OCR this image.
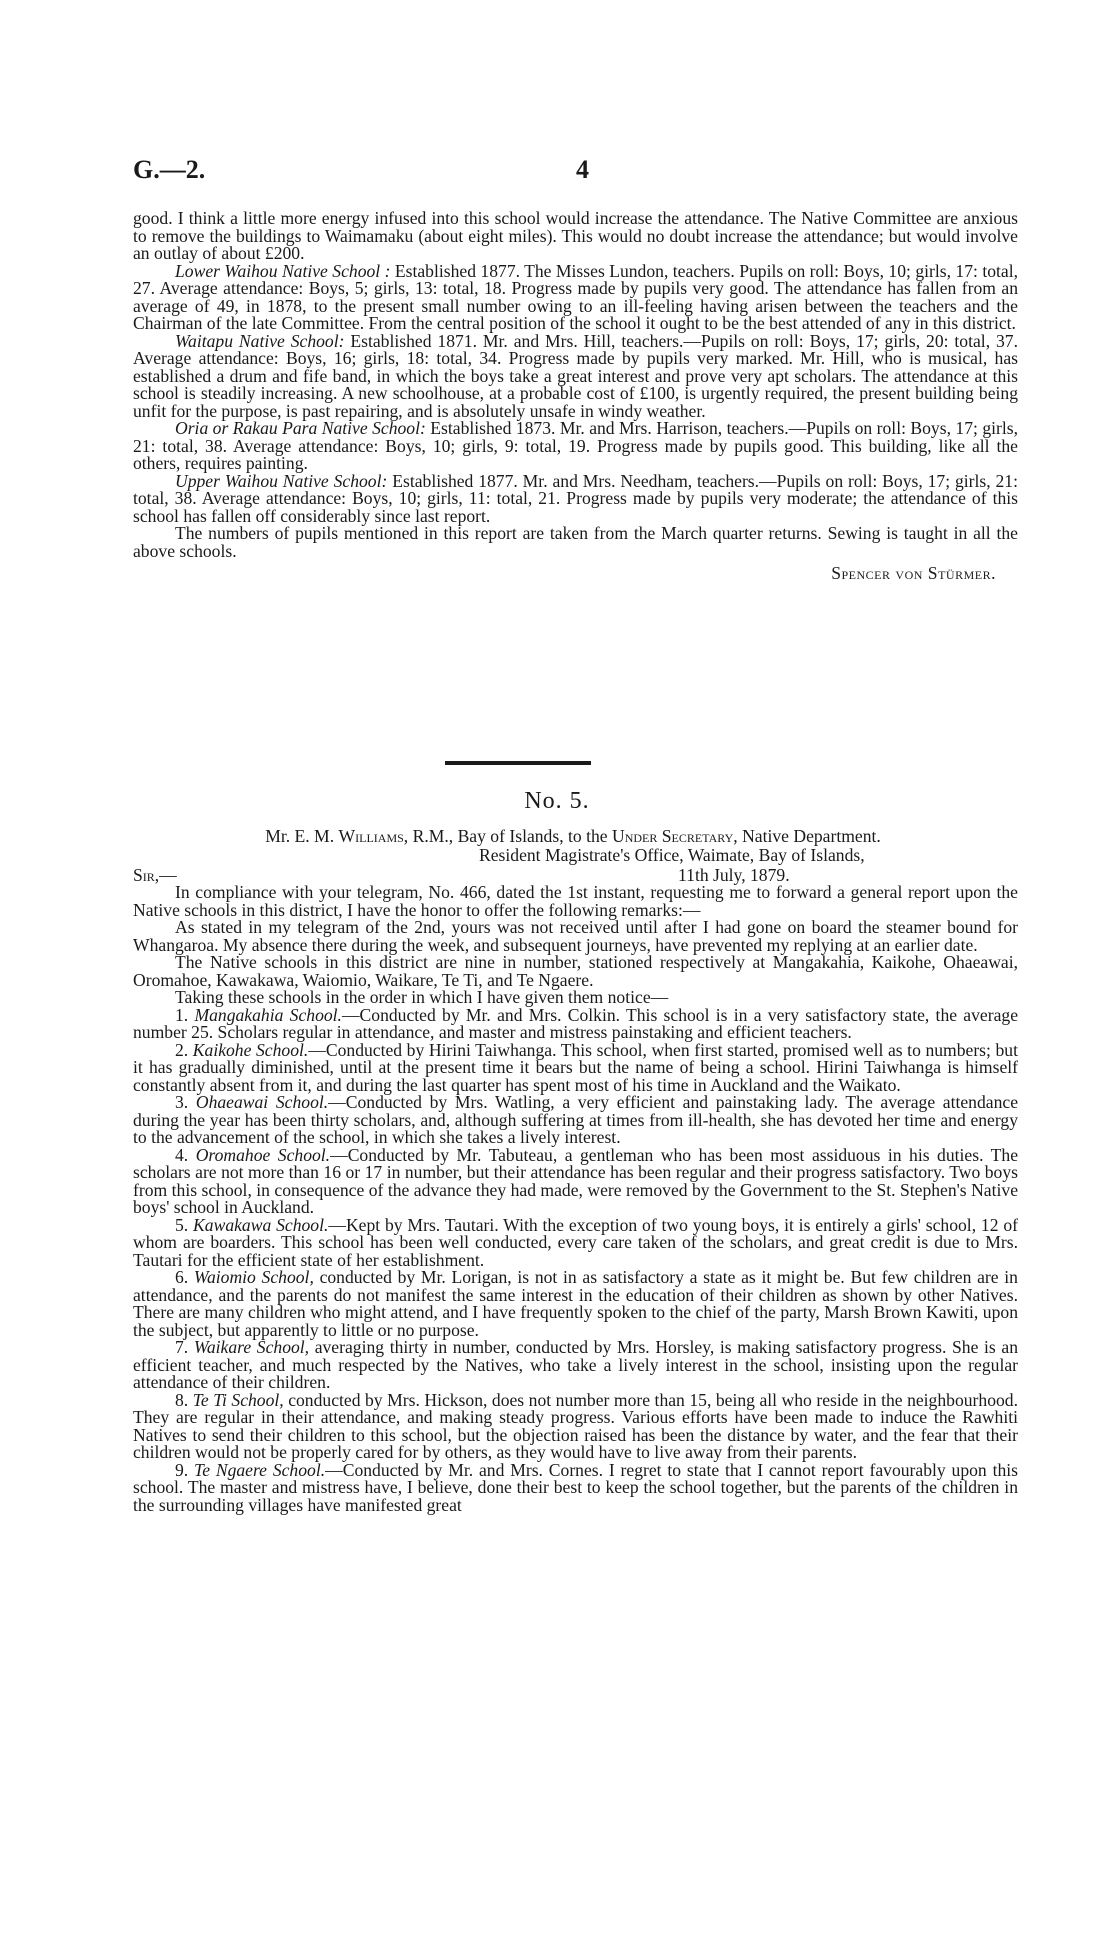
G.—2.	4

good. I think a little more energy infused into this school would increase the attendance. The Native Committee are anxious to remove the buildings to Waimamaku (about eight miles). This would no doubt increase the attendance; but would involve an outlay of about £200.

Lower Waihou Native School : Established 1877. The Misses Lundon, teachers. Pupils on roll: Boys, 10; girls, 17: total, 27. Average attendance: Boys, 5; girls, 13: total, 18. Progress made by pupils very good. The attendance has fallen from an average of 49, in 1878, to the present small number owing to an ill-feeling having arisen between the teachers and the Chairman of the late Committee. From the central position of the school it ought to be the best attended of any in this district.

Waitapu Native School: Established 1871. Mr. and Mrs. Hill, teachers.—Pupils on roll: Boys, 17; girls, 20: total, 37. Average attendance: Boys, 16; girls, 18: total, 34. Progress made by pupils very marked. Mr. Hill, who is musical, has established a drum and fife band, in which the boys take a great interest and prove very apt scholars. The attendance at this school is steadily increasing. A new schoolhouse, at a probable cost of £100, is urgently required, the present building being unfit for the purpose, is past repairing, and is absolutely unsafe in windy weather.

Oria or Rakau Para Native School: Established 1873. Mr. and Mrs. Harrison, teachers.—Pupils on roll: Boys, 17; girls, 21: total, 38. Average attendance: Boys, 10; girls, 9: total, 19. Progress made by pupils good. This building, like all the others, requires painting.

Upper Waihou Native School: Established 1877. Mr. and Mrs. Needham, teachers.—Pupils on roll: Boys, 17; girls, 21: total, 38. Average attendance: Boys, 10; girls, 11: total, 21. Progress made by pupils very moderate; the attendance of this school has fallen off considerably since last report.

The numbers of pupils mentioned in this report are taken from the March quarter returns. Sewing is taught in all the above schools.

Spencer von Stürmer.

No. 5.
Mr. E. M. Williams, R.M., Bay of Islands, to the Under Secretary, Native Department.
Resident Magistrate's Office, Waimate, Bay of Islands,
Sir,—	11th July, 1879.

In compliance with your telegram, No. 466, dated the 1st instant, requesting me to forward a general report upon the Native schools in this district, I have the honor to offer the following remarks:—

As stated in my telegram of the 2nd, yours was not received until after I had gone on board the steamer bound for Whangaroa. My absence there during the week, and subsequent journeys, have prevented my replying at an earlier date.

The Native schools in this district are nine in number, stationed respectively at Mangakahia, Kaikohe, Ohaeawai, Oromahoe, Kawakawa, Waiomio, Waikare, Te Ti, and Te Ngaere.

Taking these schools in the order in which I have given them notice—

1. Mangakahia School.—Conducted by Mr. and Mrs. Colkin. This school is in a very satisfactory state, the average number 25. Scholars regular in attendance, and master and mistress painstaking and efficient teachers.

2. Kaikohe School.—Conducted by Hirini Taiwhanga. This school, when first started, promised well as to numbers; but it has gradually diminished, until at the present time it bears but the name of being a school. Hirini Taiwhanga is himself constantly absent from it, and during the last quarter has spent most of his time in Auckland and the Waikato.

3. Ohaeawai School.—Conducted by Mrs. Watling, a very efficient and painstaking lady. The average attendance during the year has been thirty scholars, and, although suffering at times from ill-health, she has devoted her time and energy to the advancement of the school, in which she takes a lively interest.

4. Oromahoe School.—Conducted by Mr. Tabuteau, a gentleman who has been most assiduous in his duties. The scholars are not more than 16 or 17 in number, but their attendance has been regular and their progress satisfactory. Two boys from this school, in consequence of the advance they had made, were removed by the Government to the St. Stephen's Native boys' school in Auckland.

5. Kawakawa School.—Kept by Mrs. Tautari. With the exception of two young boys, it is entirely a girls' school, 12 of whom are boarders. This school has been well conducted, every care taken of the scholars, and great credit is due to Mrs. Tautari for the efficient state of her establishment.

6. Waiomio School, conducted by Mr. Lorigan, is not in as satisfactory a state as it might be. But few children are in attendance, and the parents do not manifest the same interest in the education of their children as shown by other Natives. There are many children who might attend, and I have frequently spoken to the chief of the party, Marsh Brown Kawiti, upon the subject, but apparently to little or no purpose.

7. Waikare School, averaging thirty in number, conducted by Mrs. Horsley, is making satisfactory progress. She is an efficient teacher, and much respected by the Natives, who take a lively interest in the school, insisting upon the regular attendance of their children.

8. Te Ti School, conducted by Mrs. Hickson, does not number more than 15, being all who reside in the neighbourhood. They are regular in their attendance, and making steady progress. Various efforts have been made to induce the Rawhiti Natives to send their children to this school, but the objection raised has been the distance by water, and the fear that their children would not be properly cared for by others, as they would have to live away from their parents.

9. Te Ngaere School.—Conducted by Mr. and Mrs. Cornes. I regret to state that I cannot report favourably upon this school. The master and mistress have, I believe, done their best to keep the school together, but the parents of the children in the surrounding villages have manifested great
